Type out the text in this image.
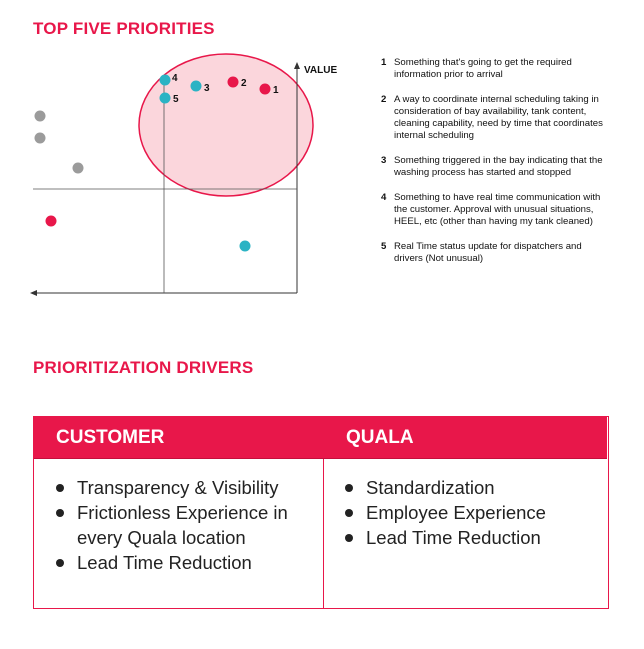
TOP FIVE PRIORITIES
VALUE
1
2
3
4
5
1 Something that's going to get the required information prior to arrival
2 A way to coordinate internal scheduling taking in consideration of bay availability, tank content, cleaning capability, need by time that coordinates internal scheduling
3 Something triggered in the bay indicating that the washing process has started and stopped
4 Something to have real time communication with the customer. Approval with unusual situations, HEEL, etc (other than having my tank cleaned)
5 Real Time status update for dispatchers and drivers (Not unusual)
PRIORITIZATION DRIVERS
CUSTOMER
Transparency & Visibility
Frictionless Experience in every Quala location
Lead Time Reduction
QUALA
Standardization
Employee Experience
Lead Time Reduction
